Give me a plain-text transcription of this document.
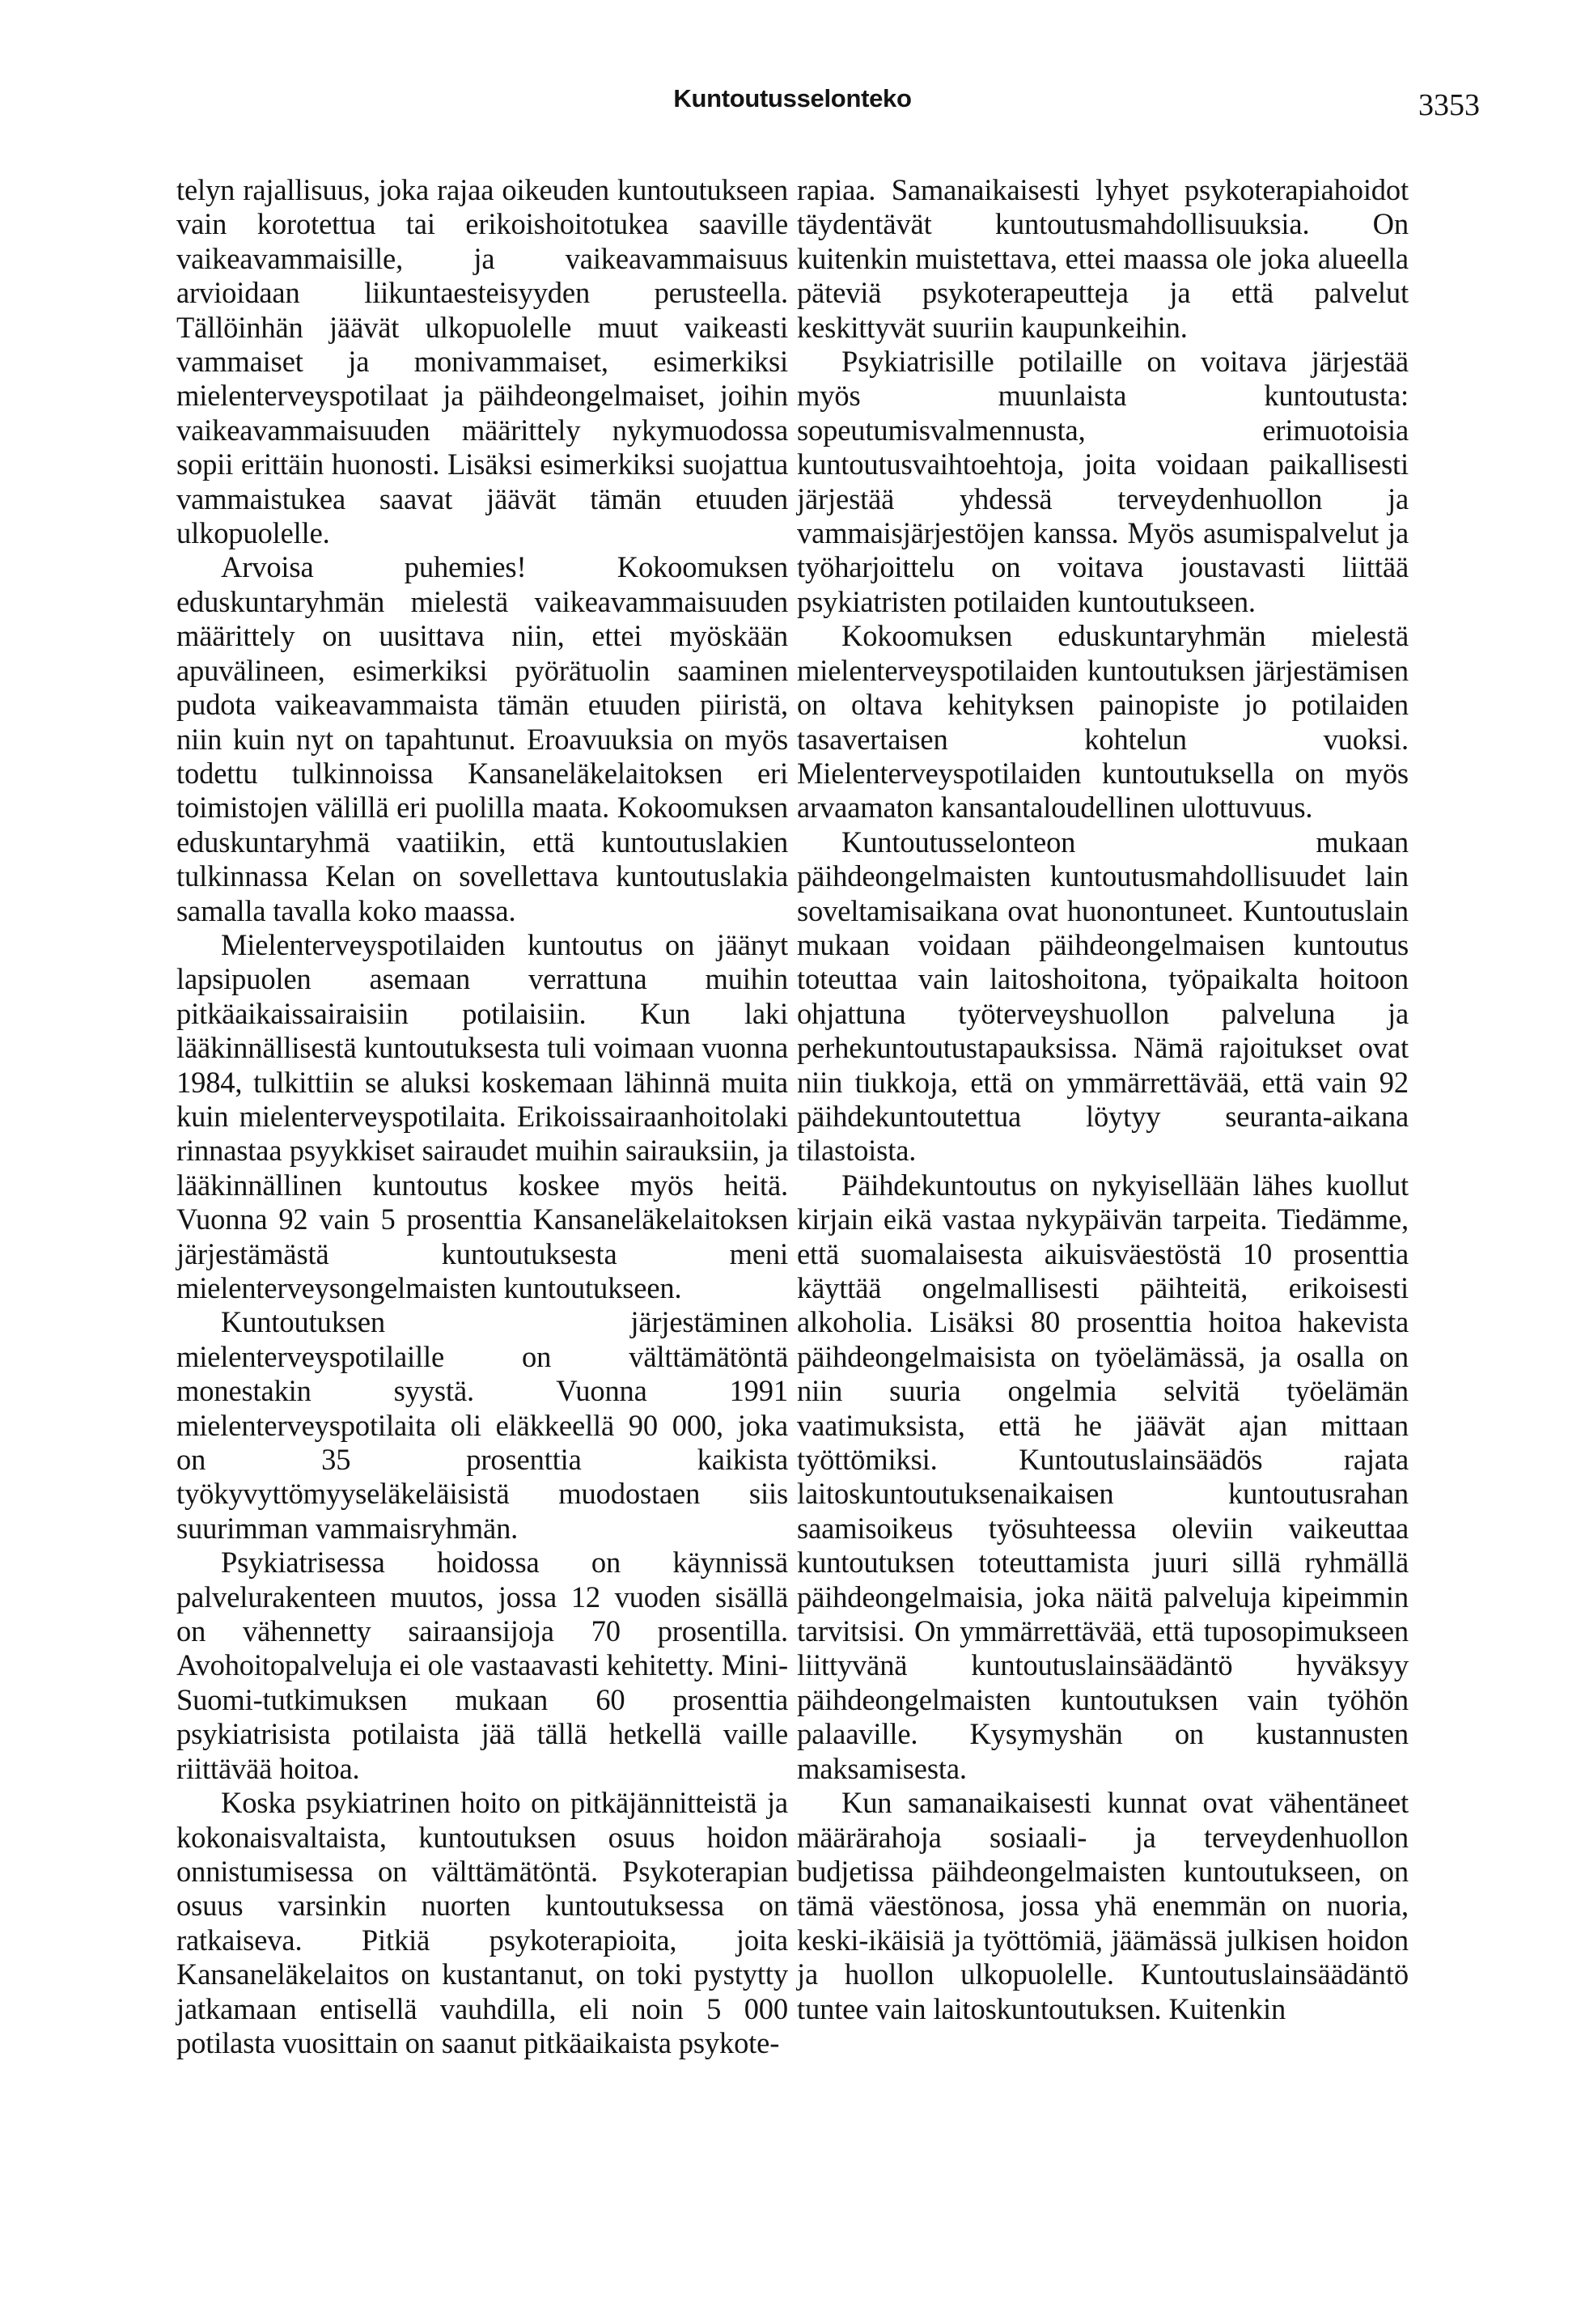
Kuntoutusselonteko	3353

telyn rajallisuus, joka rajaa oikeuden kuntoutukseen vain korotettua tai erikoishoitotukea saaville vaikeavammaisille, ja vaikeavammaisuus arvioidaan liikuntaesteisyyden perusteella. Tällöinhän jäävät ulkopuolelle muut vaikeasti vammaiset ja monivammaiset, esimerkiksi mielenterveyspotilaat ja päihdeongelmaiset, joihin vaikeavammaisuuden määrittely nykymuodossa sopii erittäin huonosti. Lisäksi esimerkiksi suojattua vammaistukea saavat jäävät tämän etuuden ulkopuolelle.

Arvoisa puhemies! Kokoomuksen eduskuntaryhmän mielestä vaikeavammaisuuden määrittely on uusittava niin, ettei myöskään apuvälineen, esimerkiksi pyörätuolin saaminen pudota vaikeavammaista tämän etuuden piiristä, niin kuin nyt on tapahtunut. Eroavuuksia on myös todettu tulkinnoissa Kansaneläkelaitoksen eri toimistojen välillä eri puolilla maata. Kokoomuksen eduskuntaryhmä vaatiikin, että kuntoutuslakien tulkinnassa Kelan on sovellettava kuntoutuslakia samalla tavalla koko maassa.

Mielenterveyspotilaiden kuntoutus on jäänyt lapsipuolen asemaan verrattuna muihin pitkäaikaissairaisiin potilaisiin. Kun laki lääkinnällisestä kuntoutuksesta tuli voimaan vuonna 1984, tulkittiin se aluksi koskemaan lähinnä muita kuin mielenterveyspotilaita. Erikoissairaanhoitolaki rinnastaa psyykkiset sairaudet muihin sairauksiin, ja lääkinnällinen kuntoutus koskee myös heitä. Vuonna 92 vain 5 prosenttia Kansaneläkelaitoksen järjestämästä kuntoutuksesta meni mielenterveysongelmaisten kuntoutukseen.

Kuntoutuksen järjestäminen mielenterveyspotilaille on välttämätöntä monestakin syystä. Vuonna 1991 mielenterveyspotilaita oli eläkkeellä 90 000, joka on 35 prosenttia kaikista työkyvyttömyyseläkeläisistä muodostaen siis suurimman vammaisryhmän.

Psykiatrisessa hoidossa on käynnissä palvelurakenteen muutos, jossa 12 vuoden sisällä on vähennetty sairaansijoja 70 prosentilla. Avohoitopalveluja ei ole vastaavasti kehitetty. Mini-Suomi-tutkimuksen mukaan 60 prosenttia psykiatrisista potilaista jää tällä hetkellä vaille riittävää hoitoa.

Koska psykiatrinen hoito on pitkäjännitteistä ja kokonaisvaltaista, kuntoutuksen osuus hoidon onnistumisessa on välttämätöntä. Psykoterapian osuus varsinkin nuorten kuntoutuksessa on ratkaiseva. Pitkiä psykoterapioita, joita Kansaneläkelaitos on kustantanut, on toki pystytty jatkamaan entisellä vauhdilla, eli noin 5 000 potilasta vuosittain on saanut pitkäaikaista psykote-

rapiaa. Samanaikaisesti lyhyet psykoterapiahoidot täydentävät kuntoutusmahdollisuuksia. On kuitenkin muistettava, ettei maassa ole joka alueella päteviä psykoterapeutteja ja että palvelut keskittyvät suuriin kaupunkeihin.

Psykiatrisille potilaille on voitava järjestää myös muunlaista kuntoutusta: sopeutumisvalmennusta, erimuotoisia kuntoutusvaihtoehtoja, joita voidaan paikallisesti järjestää yhdessä terveydenhuollon ja vammaisjärjestöjen kanssa. Myös asumispalvelut ja työharjoittelu on voitava joustavasti liittää psykiatristen potilaiden kuntoutukseen.

Kokoomuksen eduskuntaryhmän mielestä mielenterveyspotilaiden kuntoutuksen järjestämisen on oltava kehityksen painopiste jo potilaiden tasavertaisen kohtelun vuoksi. Mielenterveyspotilaiden kuntoutuksella on myös arvaamaton kansantaloudellinen ulottuvuus.

Kuntoutusselonteon mukaan päihdeongelmaisten kuntoutusmahdollisuudet lain soveltamisaikana ovat huonontuneet. Kuntoutuslain mukaan voidaan päihdeongelmaisen kuntoutus toteuttaa vain laitoshoitona, työpaikalta hoitoon ohjattuna työterveyshuollon palveluna ja perhekuntoutustapauksissa. Nämä rajoitukset ovat niin tiukkoja, että on ymmärrettävää, että vain 92 päihdekuntoutettua löytyy seuranta-aikana tilastoista.

Päihdekuntoutus on nykyisellään lähes kuollut kirjain eikä vastaa nykypäivän tarpeita. Tiedämme, että suomalaisesta aikuisväestöstä 10 prosenttia käyttää ongelmallisesti päihteitä, erikoisesti alkoholia. Lisäksi 80 prosenttia hoitoa hakevista päihdeongelmaisista on työelämässä, ja osalla on niin suuria ongelmia selvitä työelämän vaatimuksista, että he jäävät ajan mittaan työttömiksi. Kuntoutuslainsäädös rajata laitoskuntoutuksenaikaisen kuntoutusrahan saamisoikeus työsuhteessa oleviin vaikeuttaa kuntoutuksen toteuttamista juuri sillä ryhmällä päihdeongelmaisia, joka näitä palveluja kipeimmin tarvitsisi. On ymmärrettävää, että tuposopimukseen liittyvänä kuntoutuslainsäädäntö hyväksyy päihdeongelmaisten kuntoutuksen vain työhön palaaville. Kysymyshän on kustannusten maksamisesta.

Kun samanaikaisesti kunnat ovat vähentäneet määrärahoja sosiaali- ja terveydenhuollon budjetissa päihdeongelmaisten kuntoutukseen, on tämä väestönosa, jossa yhä enemmän on nuoria, keski-ikäisiä ja työttömiä, jäämässä julkisen hoidon ja huollon ulkopuolelle. Kuntoutuslainsäädäntö tuntee vain laitoskuntoutuksen. Kuitenkin
